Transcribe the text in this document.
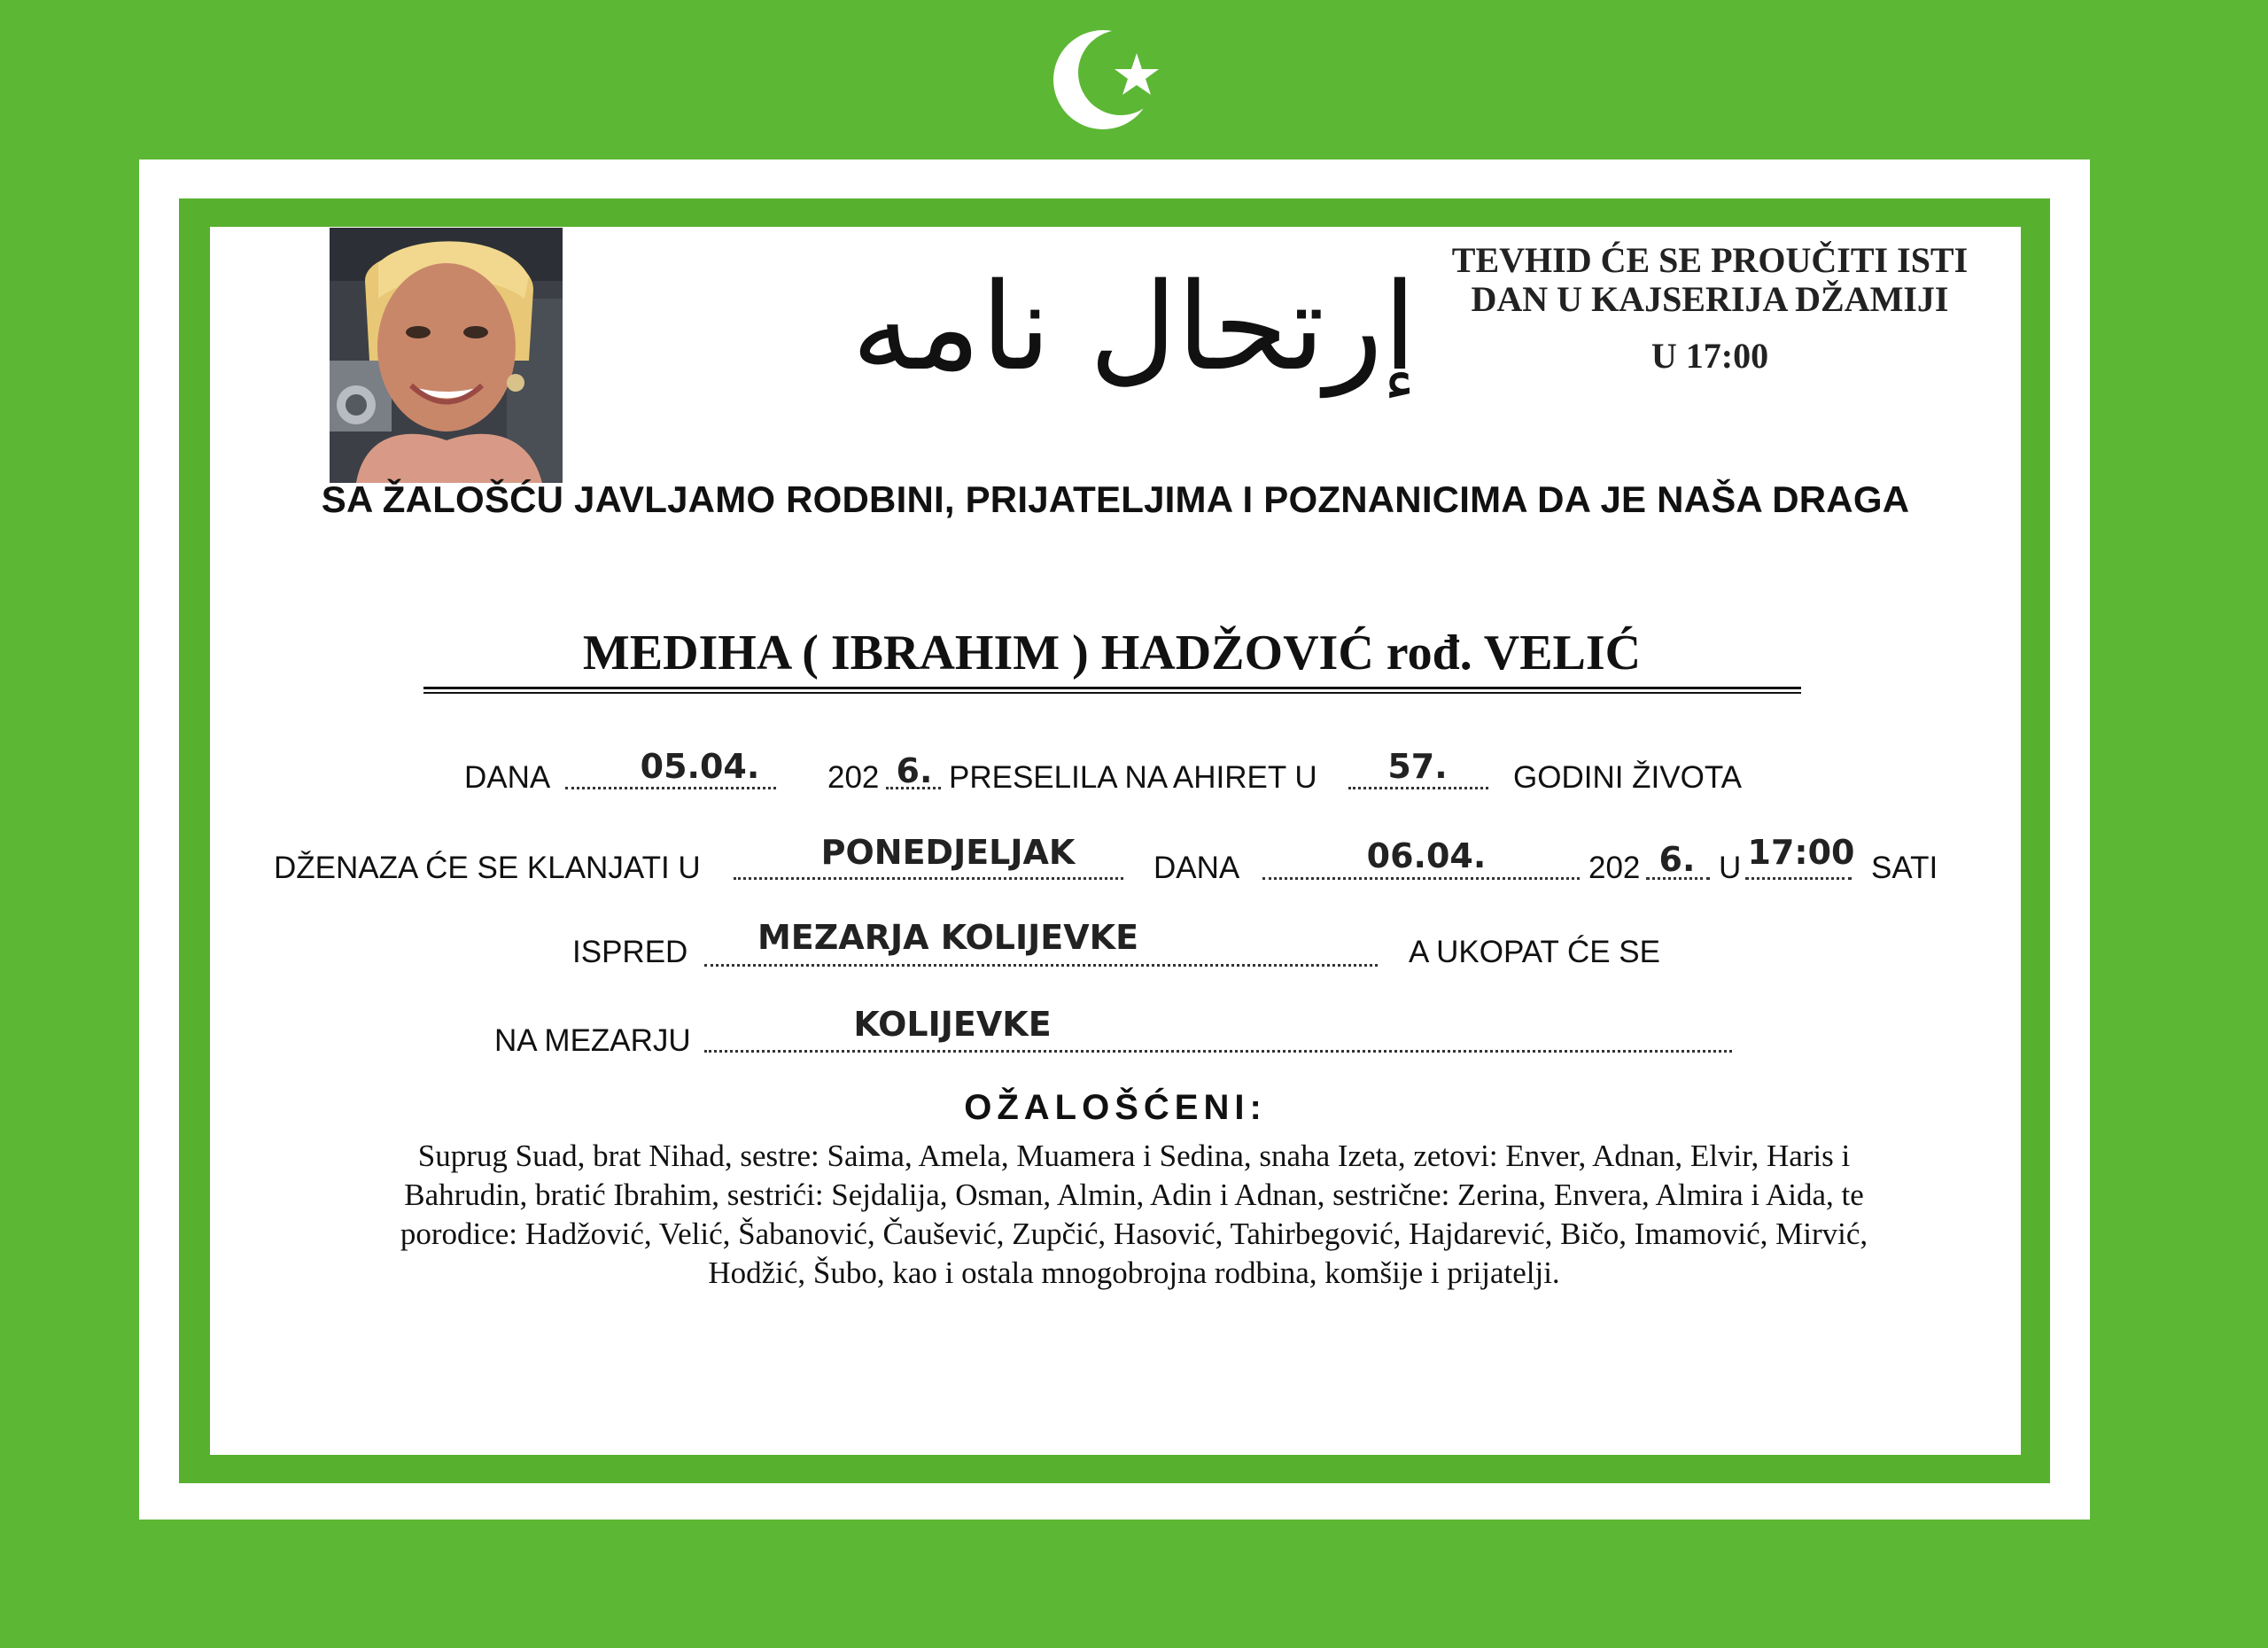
إرتحال نامه TEVHID ĆE SE PROUČITI ISTI
DAN U KAJSERIJA DŽAMIJI
U 17:00
SA ŽALOŠĆU JAVLJAMO RODBINI, PRIJATELJIMA I POZNANICIMA DA JE NAŠA DRAGA
MEDIHA ( IBRAHIM ) HADŽOVIĆ rođ. VELIĆ
DANA	05.04.	202 6. PRESELILA NA AHIRET U	57.	GODINI ŽIVOTA
DŽENAZA ĆE SE KLANJATI U	PONEDJELJAK	DANA	06.04.	202 6. U 17:00 SATI
ISPRED	MEZARJA KOLIJEVKE	A UKOPAT ĆE SE
NA MEZARJU	KOLIJEVKE
OŽALOŠĆENI:
Suprug Suad, brat Nihad, sestre: Saima, Amela, Muamera i Sedina, snaha Izeta, zetovi: Enver, Adnan, Elvir, Haris i
Bahrudin, bratić Ibrahim, sestrići: Sejdalija, Osman, Almin, Adin i Adnan, sestrične: Zerina, Envera, Almira i Aida, te
porodice: Hadžović, Velić, Šabanović, Čaušević, Zupčić, Hasović, Tahirbegović, Hajdarević, Bičo, Imamović, Mirvić,
Hodžić, Šubo, kao i ostala mnogobrojna rodbina, komšije i prijatelji.
